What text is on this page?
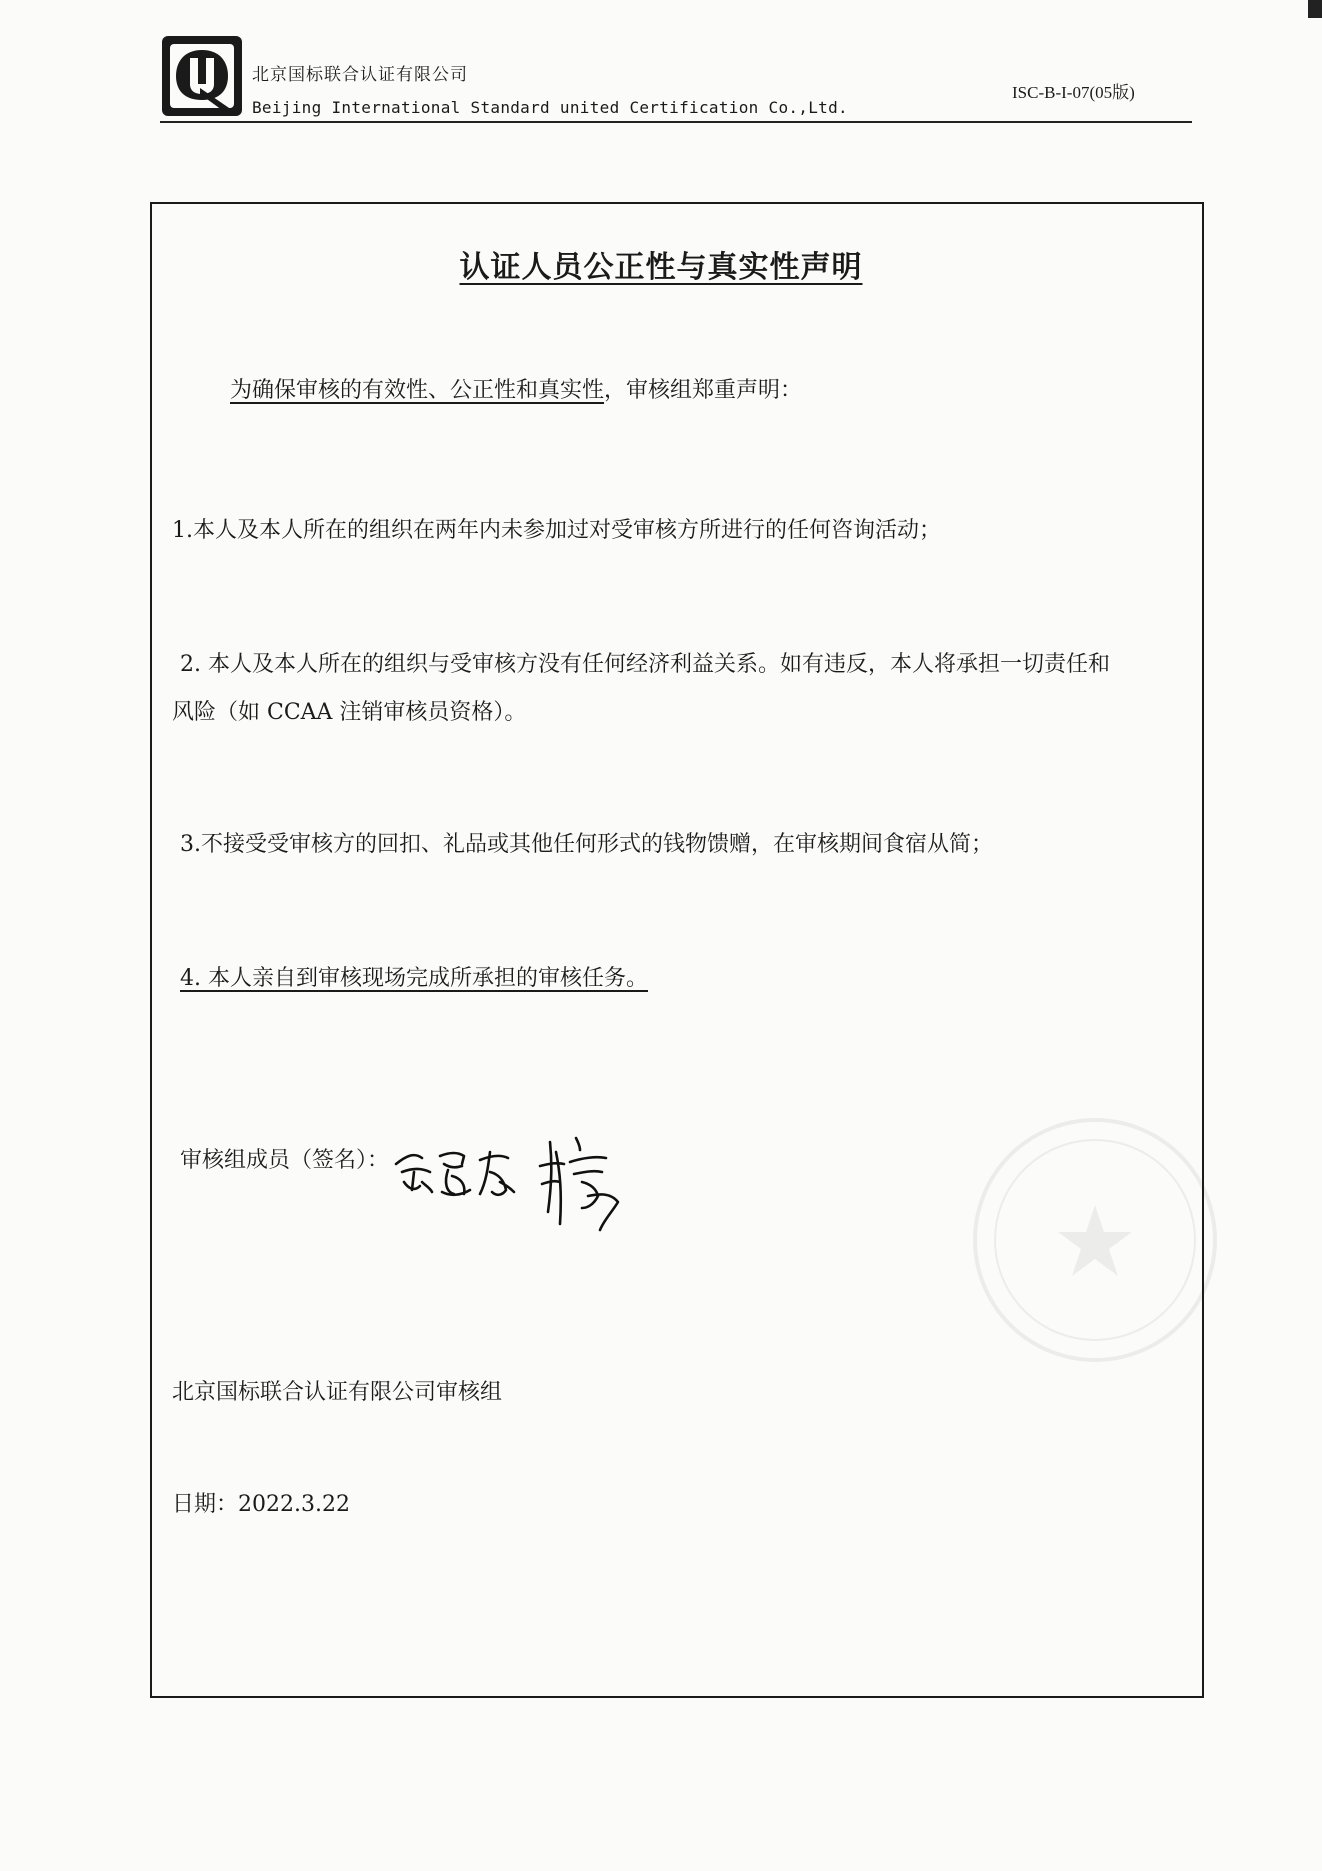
北京国标联合认证有限公司
Beijing International Standard united Certification Co.,Ltd.
ISC-B-I-07(05版)
认证人员公正性与真实性声明
为确保审核的有效性、公正性和真实性，审核组郑重声明：
1.本人及本人所在的组织在两年内未参加过对受审核方所进行的任何咨询活动；
2. 本人及本人所在的组织与受审核方没有任何经济利益关系。如有违反，本人将承担一切责任和
风险（如 CCAA 注销审核员资格）。
3.不接受受审核方的回扣、礼品或其他任何形式的钱物馈赠，在审核期间食宿从简；
4. 本人亲自到审核现场完成所承担的审核任务。
审核组成员（签名）：
北京国标联合认证有限公司审核组
日期：2022.3.22
